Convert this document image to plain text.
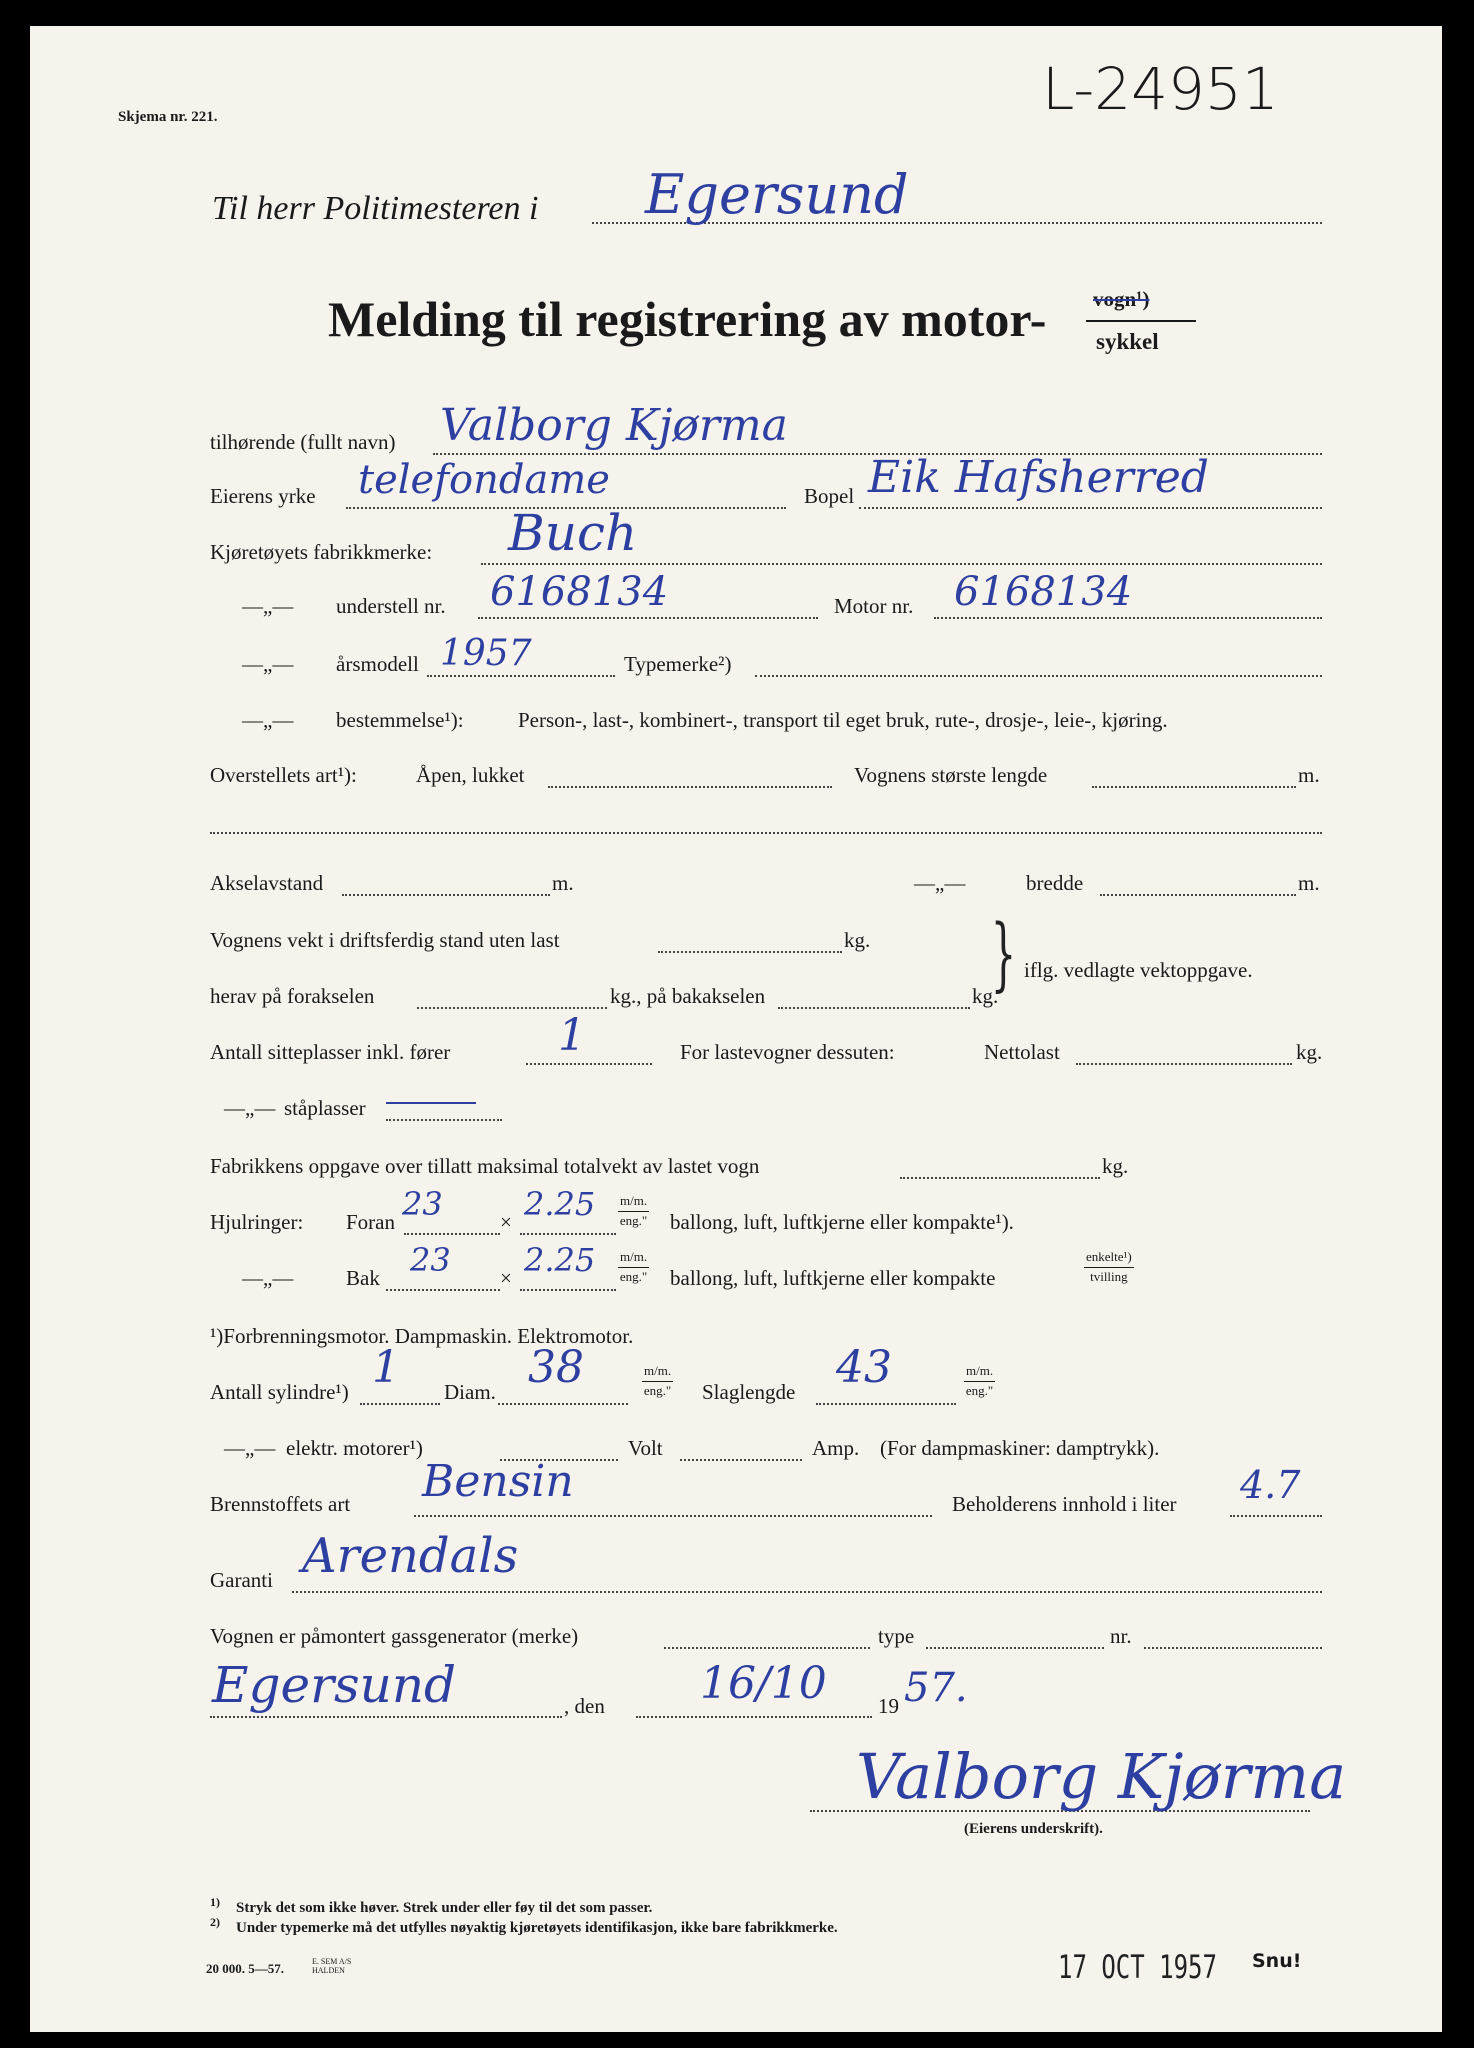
Skjema nr. 221.	L-24951
Til herr Politimesteren i Egersund
Melding til registrering av motor- vogn¹)
sykkel
tilhørende (fullt navn) Valborg Kjørma
Eierens yrke telefondame	Bopel Eik Hafsherred
Kjøretøyets fabrikkmerke: Buch
—„— understell nr. 6168134	Motor nr. 6168134
—„— årsmodell 1957	Typemerke²)
—„— bestemmelse¹):	Person-, last-, kombinert-, transport til eget bruk, rute-, drosje-, leie-, kjøring.
Overstellets art¹):	Åpen, lukket	Vognens største lengde	m.
Akselavstand	m.	—„—	bredde	m.
Vognens vekt i driftsferdig stand uten last	kg. } iflg. vedlagte vektoppgave.
herav på forakselen	kg., på bakakselen	kg.
Antall sitteplasser inkl. fører 1	For lastevogner dessuten:	Nettolast	kg.
—„— ståplasser
Fabrikkens oppgave over tillatt maksimal totalvekt av lastet vogn	kg.
Hjulringer: Foran 23	× 2.25 m/m.
eng." ballong, luft, luftkjerne eller kompakte¹).
—„—	Bak 23 × 2.25 m/m.
eng." ballong, luft, luftkjerne eller kompakte
enkelte¹)
tvilling
¹)Forbrenningsmotor. Dampmaskin. Elektromotor.
Antall sylindre¹) 1 Diam. 38	m/m.
eng." Slaglengde 43	m/m.
eng."
—„— elektr. motorer¹)	Volt	Amp. (For dampmaskiner: damptrykk).
Brennstoffets art Bensin	Beholderens innhold i liter 4.7
Garanti Arendals
Vognen er påmontert gassgenerator (merke)	type	nr.
Egersund	, den 16/10 19 57.
Valborg Kjørma
(Eierens underskrift).
1) Stryk det som ikke høver. Strek under eller føy til det som passer.
2) Under typemerke må det utfylles nøyaktig kjøretøyets identifikasjon, ikke bare fabrikkmerke.
20 000. 5—57.	E. SEM A/S HALDEN	17 OCT 1957 Snu!
